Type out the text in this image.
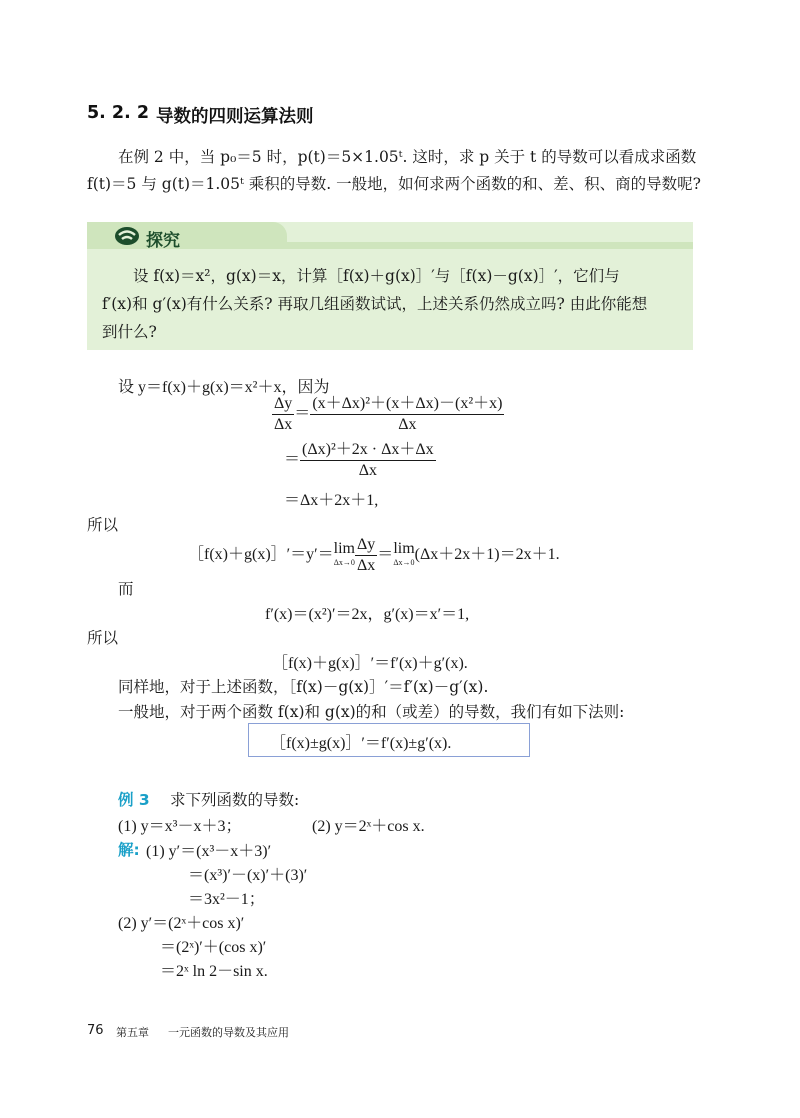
5. 2. 2 导数的四则运算法则
在例 2 中，当 p₀＝5 时，p(t)＝5×1.05ᵗ. 这时，求 p 关于 t 的导数可以看成求函数
f(t)＝5 与 g(t)＝1.05ᵗ 乘积的导数. 一般地，如何求两个函数的和、差、积、商的导数呢?
探究
设 f(x)＝x²，g(x)＝x，计算［f(x)＋g(x)］′与［f(x)－g(x)］′，它们与
f′(x)和 g′(x)有什么关系? 再取几组函数试试，上述关系仍然成立吗? 由此你能想
到什么?
设 y＝f(x)＋g(x)＝x²＋x，因为
$\frac{\Delta y}{\Delta x} = \frac{\text{(x＋Δx)²＋(x＋Δx)－(x²＋x)}}{\Delta x}$
＝ $\frac{\text{(Δx)²＋2x · Δx＋Δx}}{\Delta x}$
＝Δx＋2x＋1,
所以
［f(x)＋g(x)］′＝y′＝lim
$\Delta x\to 0 \frac{\Delta y}{\Delta x} =\lim$
Δx→0 (Δx＋2x＋1)＝2x＋1.
而
f′(x)＝(x²)′＝2x，g′(x)＝x′＝1,
所以
［f(x)＋g(x)］′＝f′(x)＋g′(x).
同样地，对于上述函数，［f(x)－g(x)］′＝f′(x)－g′(x).
一般地，对于两个函数 f(x)和 g(x)的和（或差）的导数，我们有如下法则:
［f(x)±g(x)］′＝f′(x)±g′(x).
例 3 求下列函数的导数:
(1) y＝x³－x＋3；	(2) y＝2ˣ＋cos x.
解: (1) y′＝(x³－x＋3)′
＝(x³)′－(x)′＋(3)′
＝3x²－1；
(2) y′＝(2ˣ＋cos x)′
＝(2ˣ)′＋(cos x)′
＝2ˣ ln 2－sin x.
76 第五章 一元函数的导数及其应用
